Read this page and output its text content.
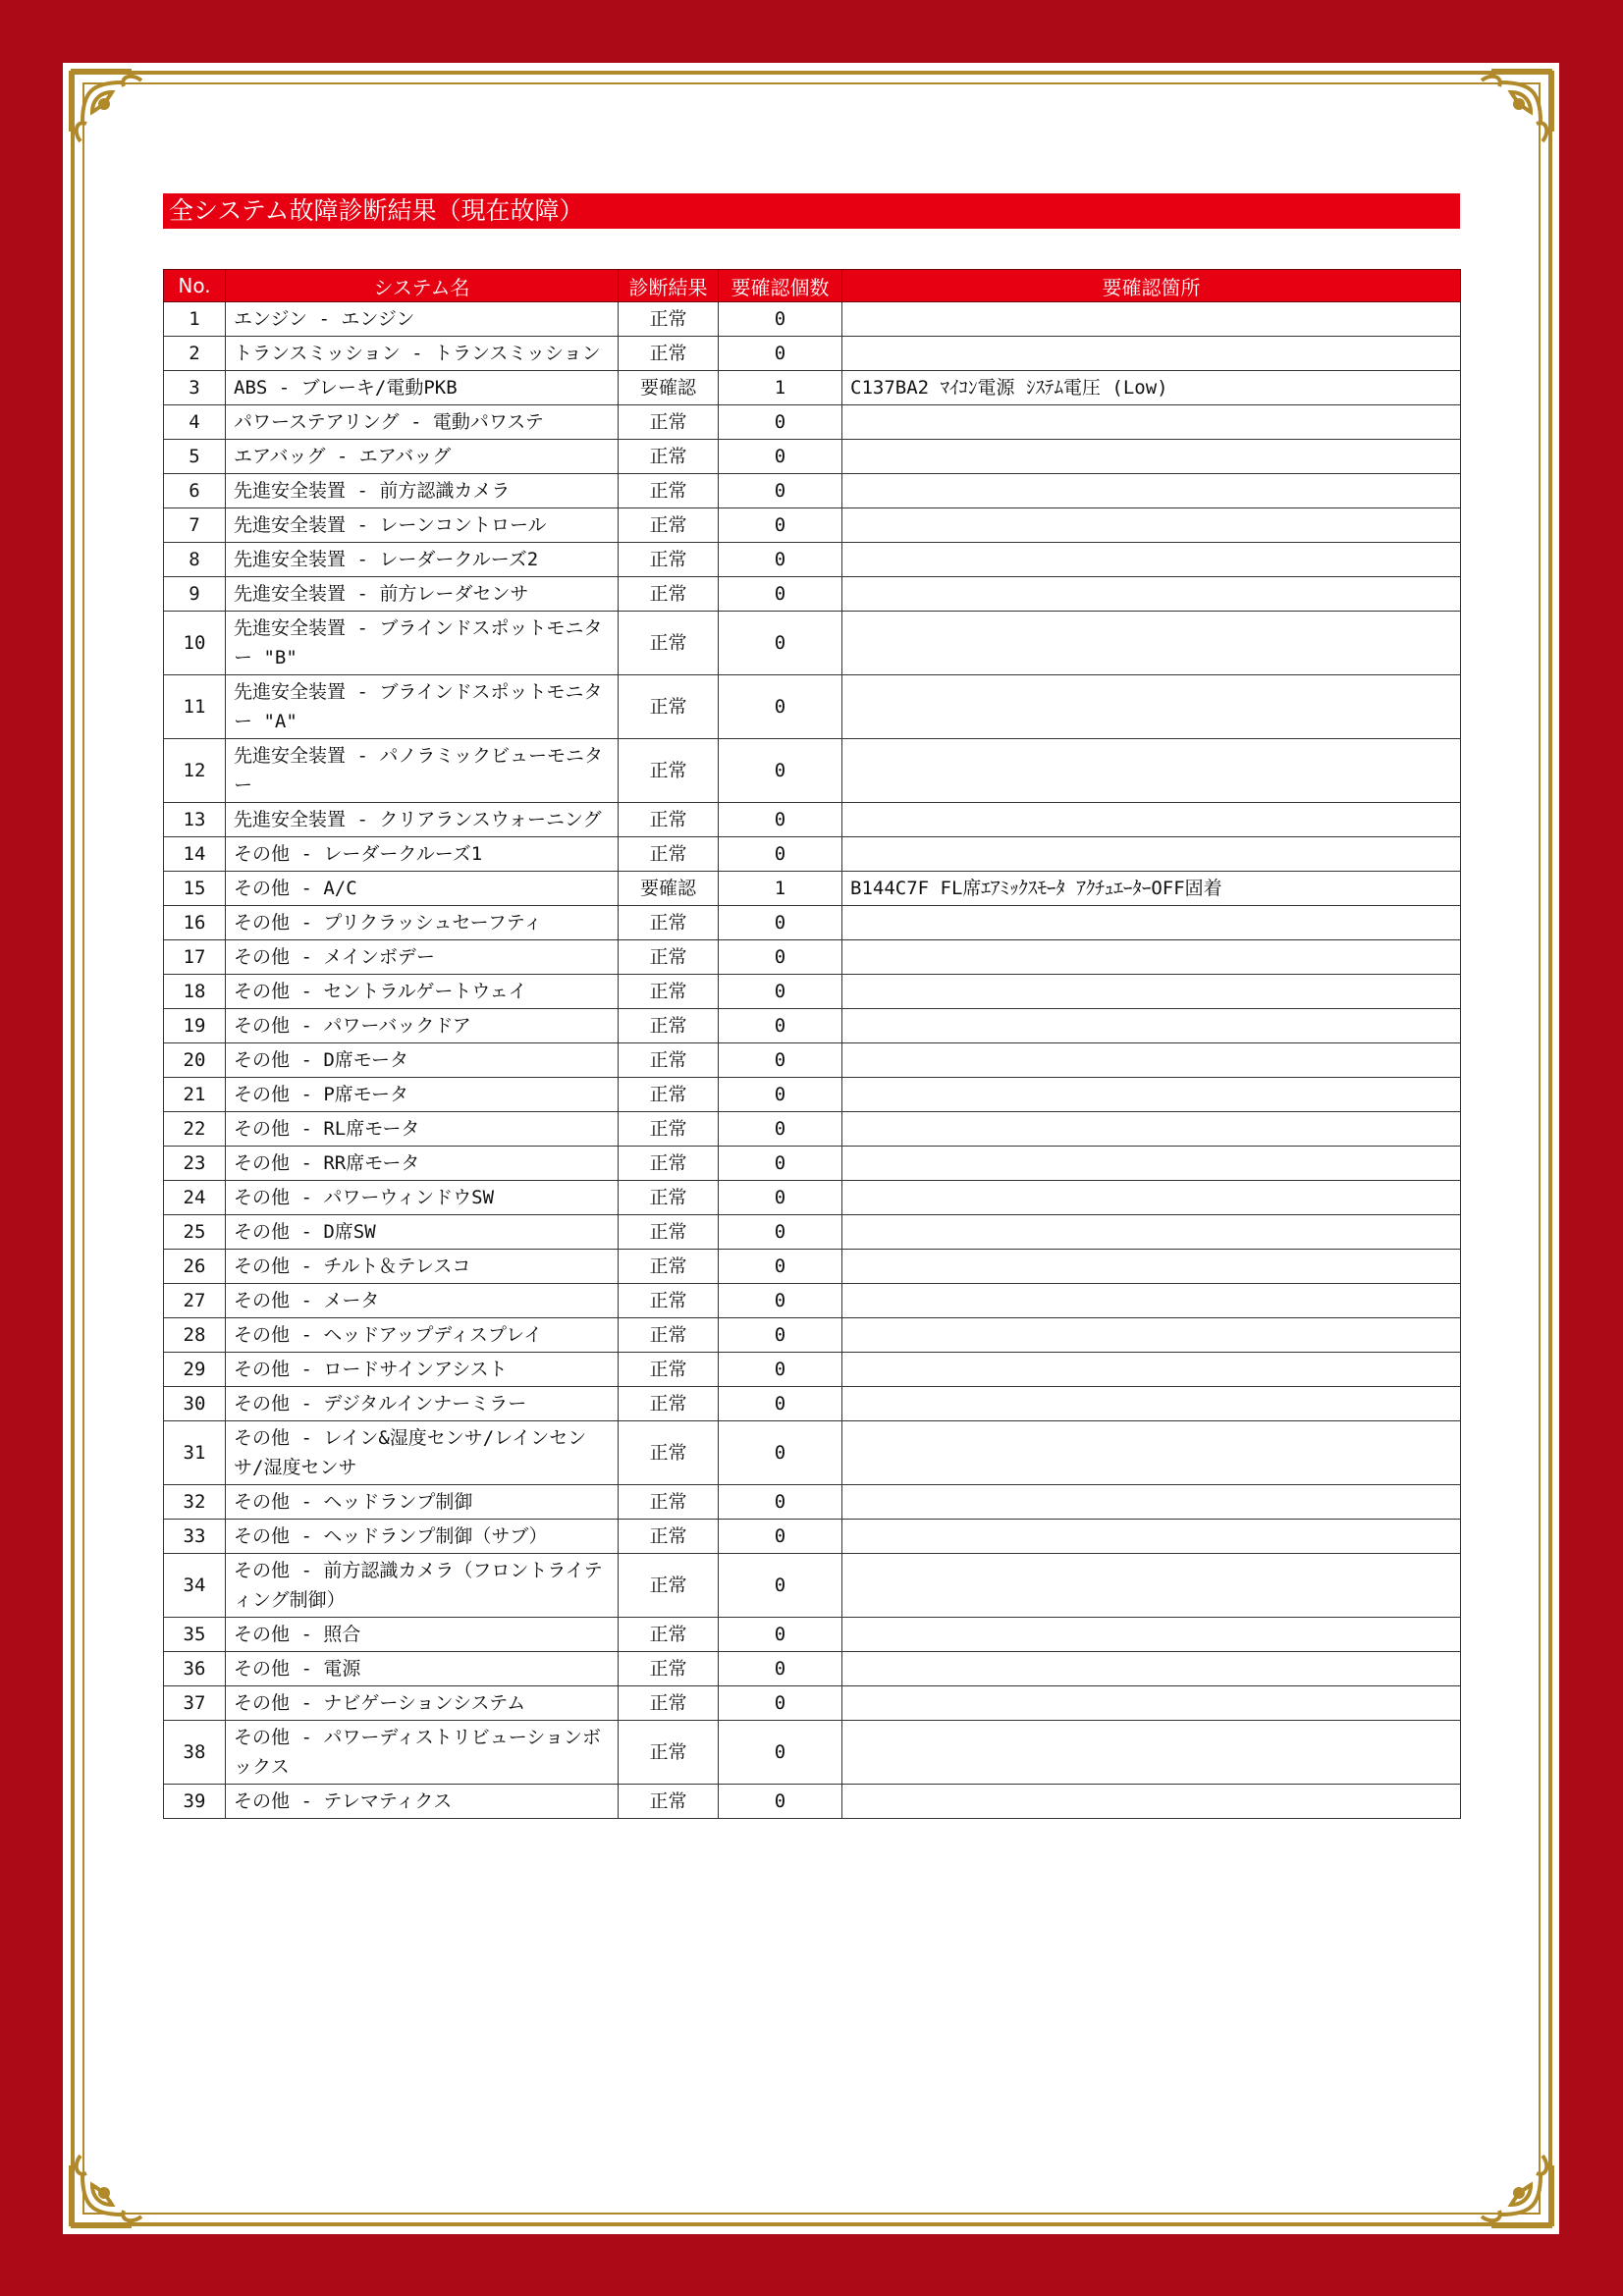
全システム故障診断結果（現在故障）
No.	システム名	診断結果	要確認個数	要確認箇所
1	エンジン - エンジン	正常	0	
2	トランスミッション - トランスミッション	正常	0	
3	ABS - ブレーキ/電動PKB	要確認	1	C137BA2 ﾏｲｺﾝ電源 ｼｽﾃﾑ電圧 (Low)
4	パワーステアリング - 電動パワステ	正常	0	
5	エアバッグ - エアバッグ	正常	0	
6	先進安全装置 - 前方認識カメラ	正常	0	
7	先進安全装置 - レーンコントロール	正常	0	
8	先進安全装置 - レーダークルーズ2	正常	0	
9	先進安全装置 - 前方レーダセンサ	正常	0	
10	先進安全装置 - ブラインドスポットモニター "B"	正常	0	
11	先進安全装置 - ブラインドスポットモニター "A"	正常	0	
12	先進安全装置 - パノラミックビューモニター	正常	0	
13	先進安全装置 - クリアランスウォーニング	正常	0	
14	その他 - レーダークルーズ1	正常	0	
15	その他 - A/C	要確認	1	B144C7F FL席ｴｱﾐｯｸｽﾓｰﾀ ｱｸﾁｭｴｰﾀｰOFF固着
16	その他 - プリクラッシュセーフティ	正常	0	
17	その他 - メインボデー	正常	0	
18	その他 - セントラルゲートウェイ	正常	0	
19	その他 - パワーバックドア	正常	0	
20	その他 - D席モータ	正常	0	
21	その他 - P席モータ	正常	0	
22	その他 - RL席モータ	正常	0	
23	その他 - RR席モータ	正常	0	
24	その他 - パワーウィンドウSW	正常	0	
25	その他 - D席SW	正常	0	
26	その他 - チルト＆テレスコ	正常	0	
27	その他 - メータ	正常	0	
28	その他 - ヘッドアップディスプレイ	正常	0	
29	その他 - ロードサインアシスト	正常	0	
30	その他 - デジタルインナーミラー	正常	0	
31	その他 - レイン&湿度センサ/レインセンサ/湿度センサ	正常	0	
32	その他 - ヘッドランプ制御	正常	0	
33	その他 - ヘッドランプ制御（サブ）	正常	0	
34	その他 - 前方認識カメラ（フロントライティング制御）	正常	0	
35	その他 - 照合	正常	0	
36	その他 - 電源	正常	0	
37	その他 - ナビゲーションシステム	正常	0	
38	その他 - パワーディストリビューションボックス	正常	0	
39	その他 - テレマティクス	正常	0	
